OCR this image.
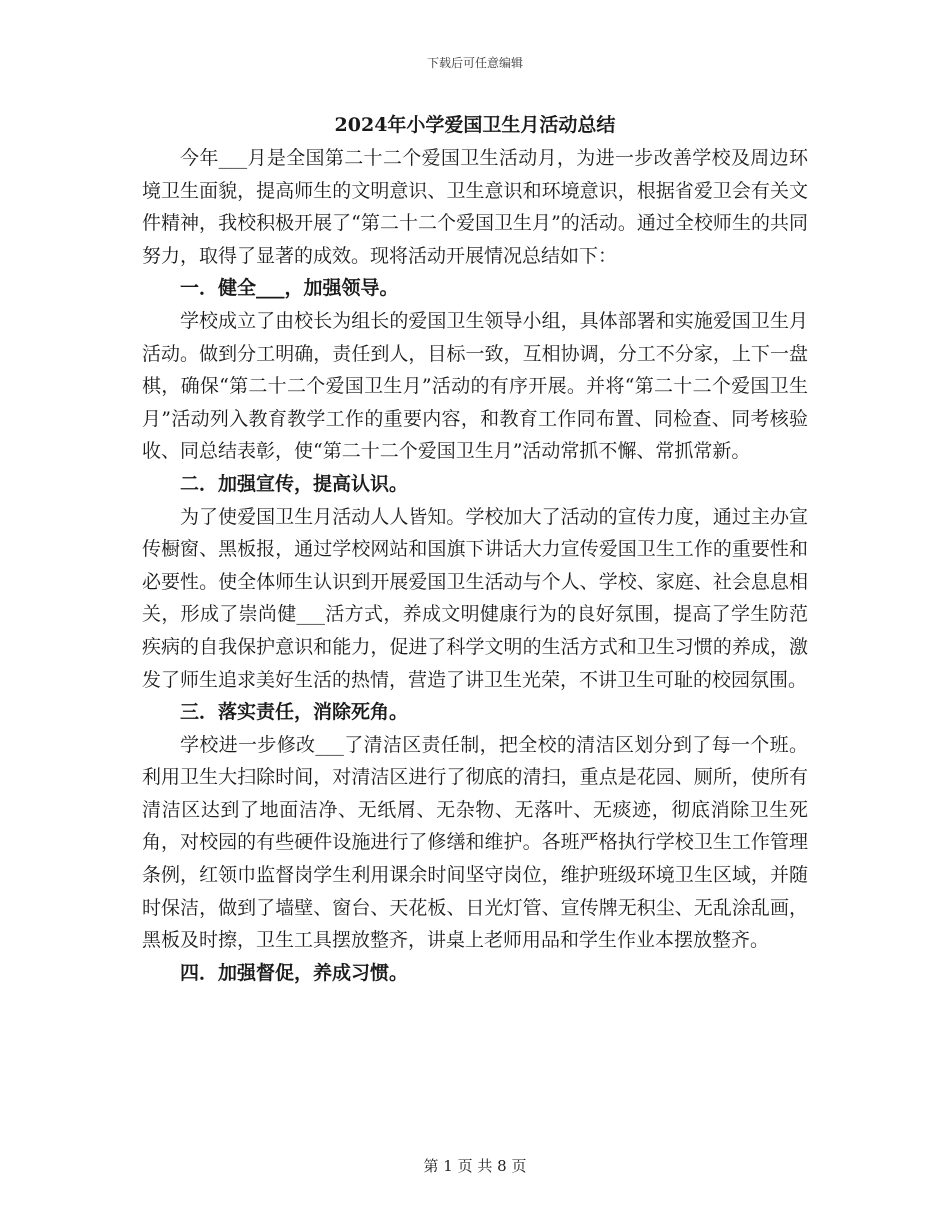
下载后可任意编辑
2024年小学爱国卫生月活动总结

今年___月是全国第二十二个爱国卫生活动月，为进一步改善学校及周边环境卫生面貌，提高师生的文明意识、卫生意识和环境意识，根据省爱卫会有关文件精神，我校积极开展了“第二十二个爱国卫生月”的活动。通过全校师生的共同努力，取得了显著的成效。现将活动开展情况总结如下：

一．健全___，加强领导。

学校成立了由校长为组长的爱国卫生领导小组，具体部署和实施爱国卫生月活动。做到分工明确，责任到人，目标一致，互相协调，分工不分家，上下一盘棋，确保“第二十二个爱国卫生月”活动的有序开展。并将“第二十二个爱国卫生月”活动列入教育教学工作的重要内容，和教育工作同布置、同检查、同考核验收、同总结表彰，使“第二十二个爱国卫生月”活动常抓不懈、常抓常新。

二．加强宣传，提高认识。

为了使爱国卫生月活动人人皆知。学校加大了活动的宣传力度，通过主办宣传橱窗、黑板报，通过学校网站和国旗下讲话大力宣传爱国卫生工作的重要性和必要性。使全体师生认识到开展爱国卫生活动与个人、学校、家庭、社会息息相关，形成了崇尚健___活方式，养成文明健康行为的良好氛围，提高了学生防范疾病的自我保护意识和能力，促进了科学文明的生活方式和卫生习惯的养成，激发了师生追求美好生活的热情，营造了讲卫生光荣，不讲卫生可耻的校园氛围。

三．落实责任，消除死角。

学校进一步修改___了清洁区责任制，把全校的清洁区划分到了每一个班。利用卫生大扫除时间，对清洁区进行了彻底的清扫，重点是花园、厕所，使所有清洁区达到了地面洁净、无纸屑、无杂物、无落叶、无痰迹，彻底消除卫生死角，对校园的有些硬件设施进行了修缮和维护。各班严格执行学校卫生工作管理条例，红领巾监督岗学生利用课余时间坚守岗位，维护班级环境卫生区域，并随时保洁，做到了墙壁、窗台、天花板、日光灯管、宣传牌无积尘、无乱涂乱画，黑板及时擦，卫生工具摆放整齐，讲桌上老师用品和学生作业本摆放整齐。

四．加强督促，养成习惯。

第 1 页 共 8 页
